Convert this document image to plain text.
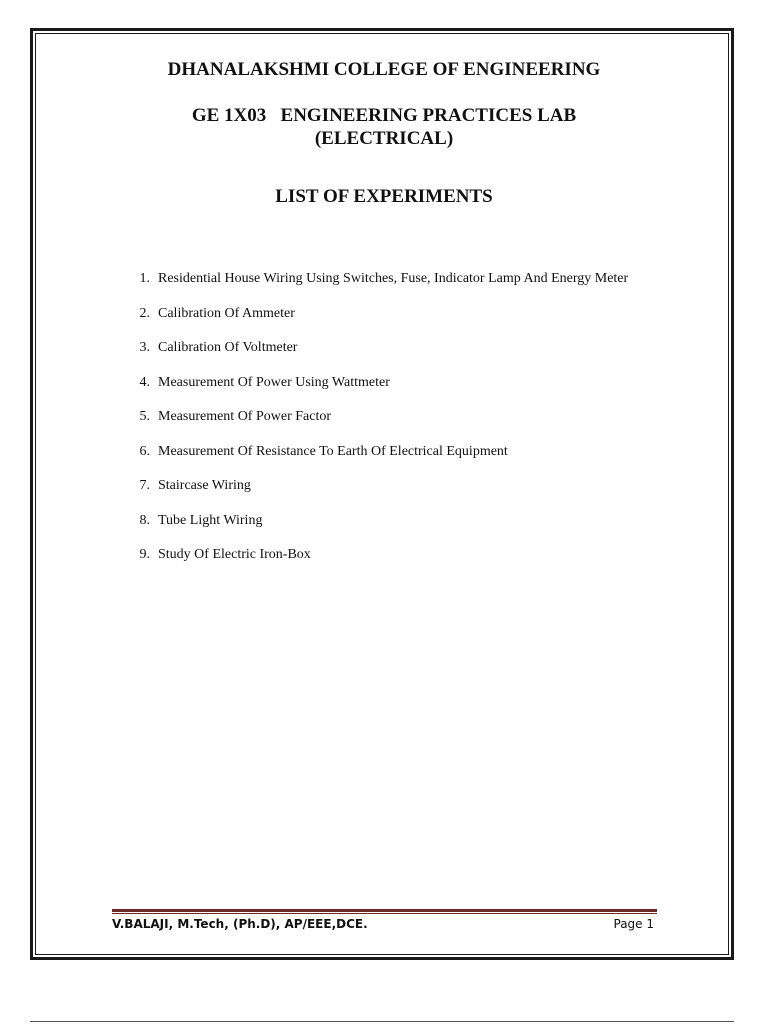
DHANALAKSHMI COLLEGE OF ENGINEERING
GE 1X03   ENGINEERING PRACTICES LAB
(ELECTRICAL)
LIST OF EXPERIMENTS
1. Residential House Wiring Using Switches, Fuse, Indicator Lamp And Energy Meter
2. Calibration Of Ammeter
3. Calibration Of Voltmeter
4. Measurement Of Power Using Wattmeter
5. Measurement Of Power Factor
6. Measurement Of Resistance To Earth Of Electrical Equipment
7. Staircase Wiring
8. Tube Light Wiring
9. Study Of Electric Iron-Box
V.BALAJI, M.Tech, (Ph.D), AP/EEE,DCE.	Page 1
